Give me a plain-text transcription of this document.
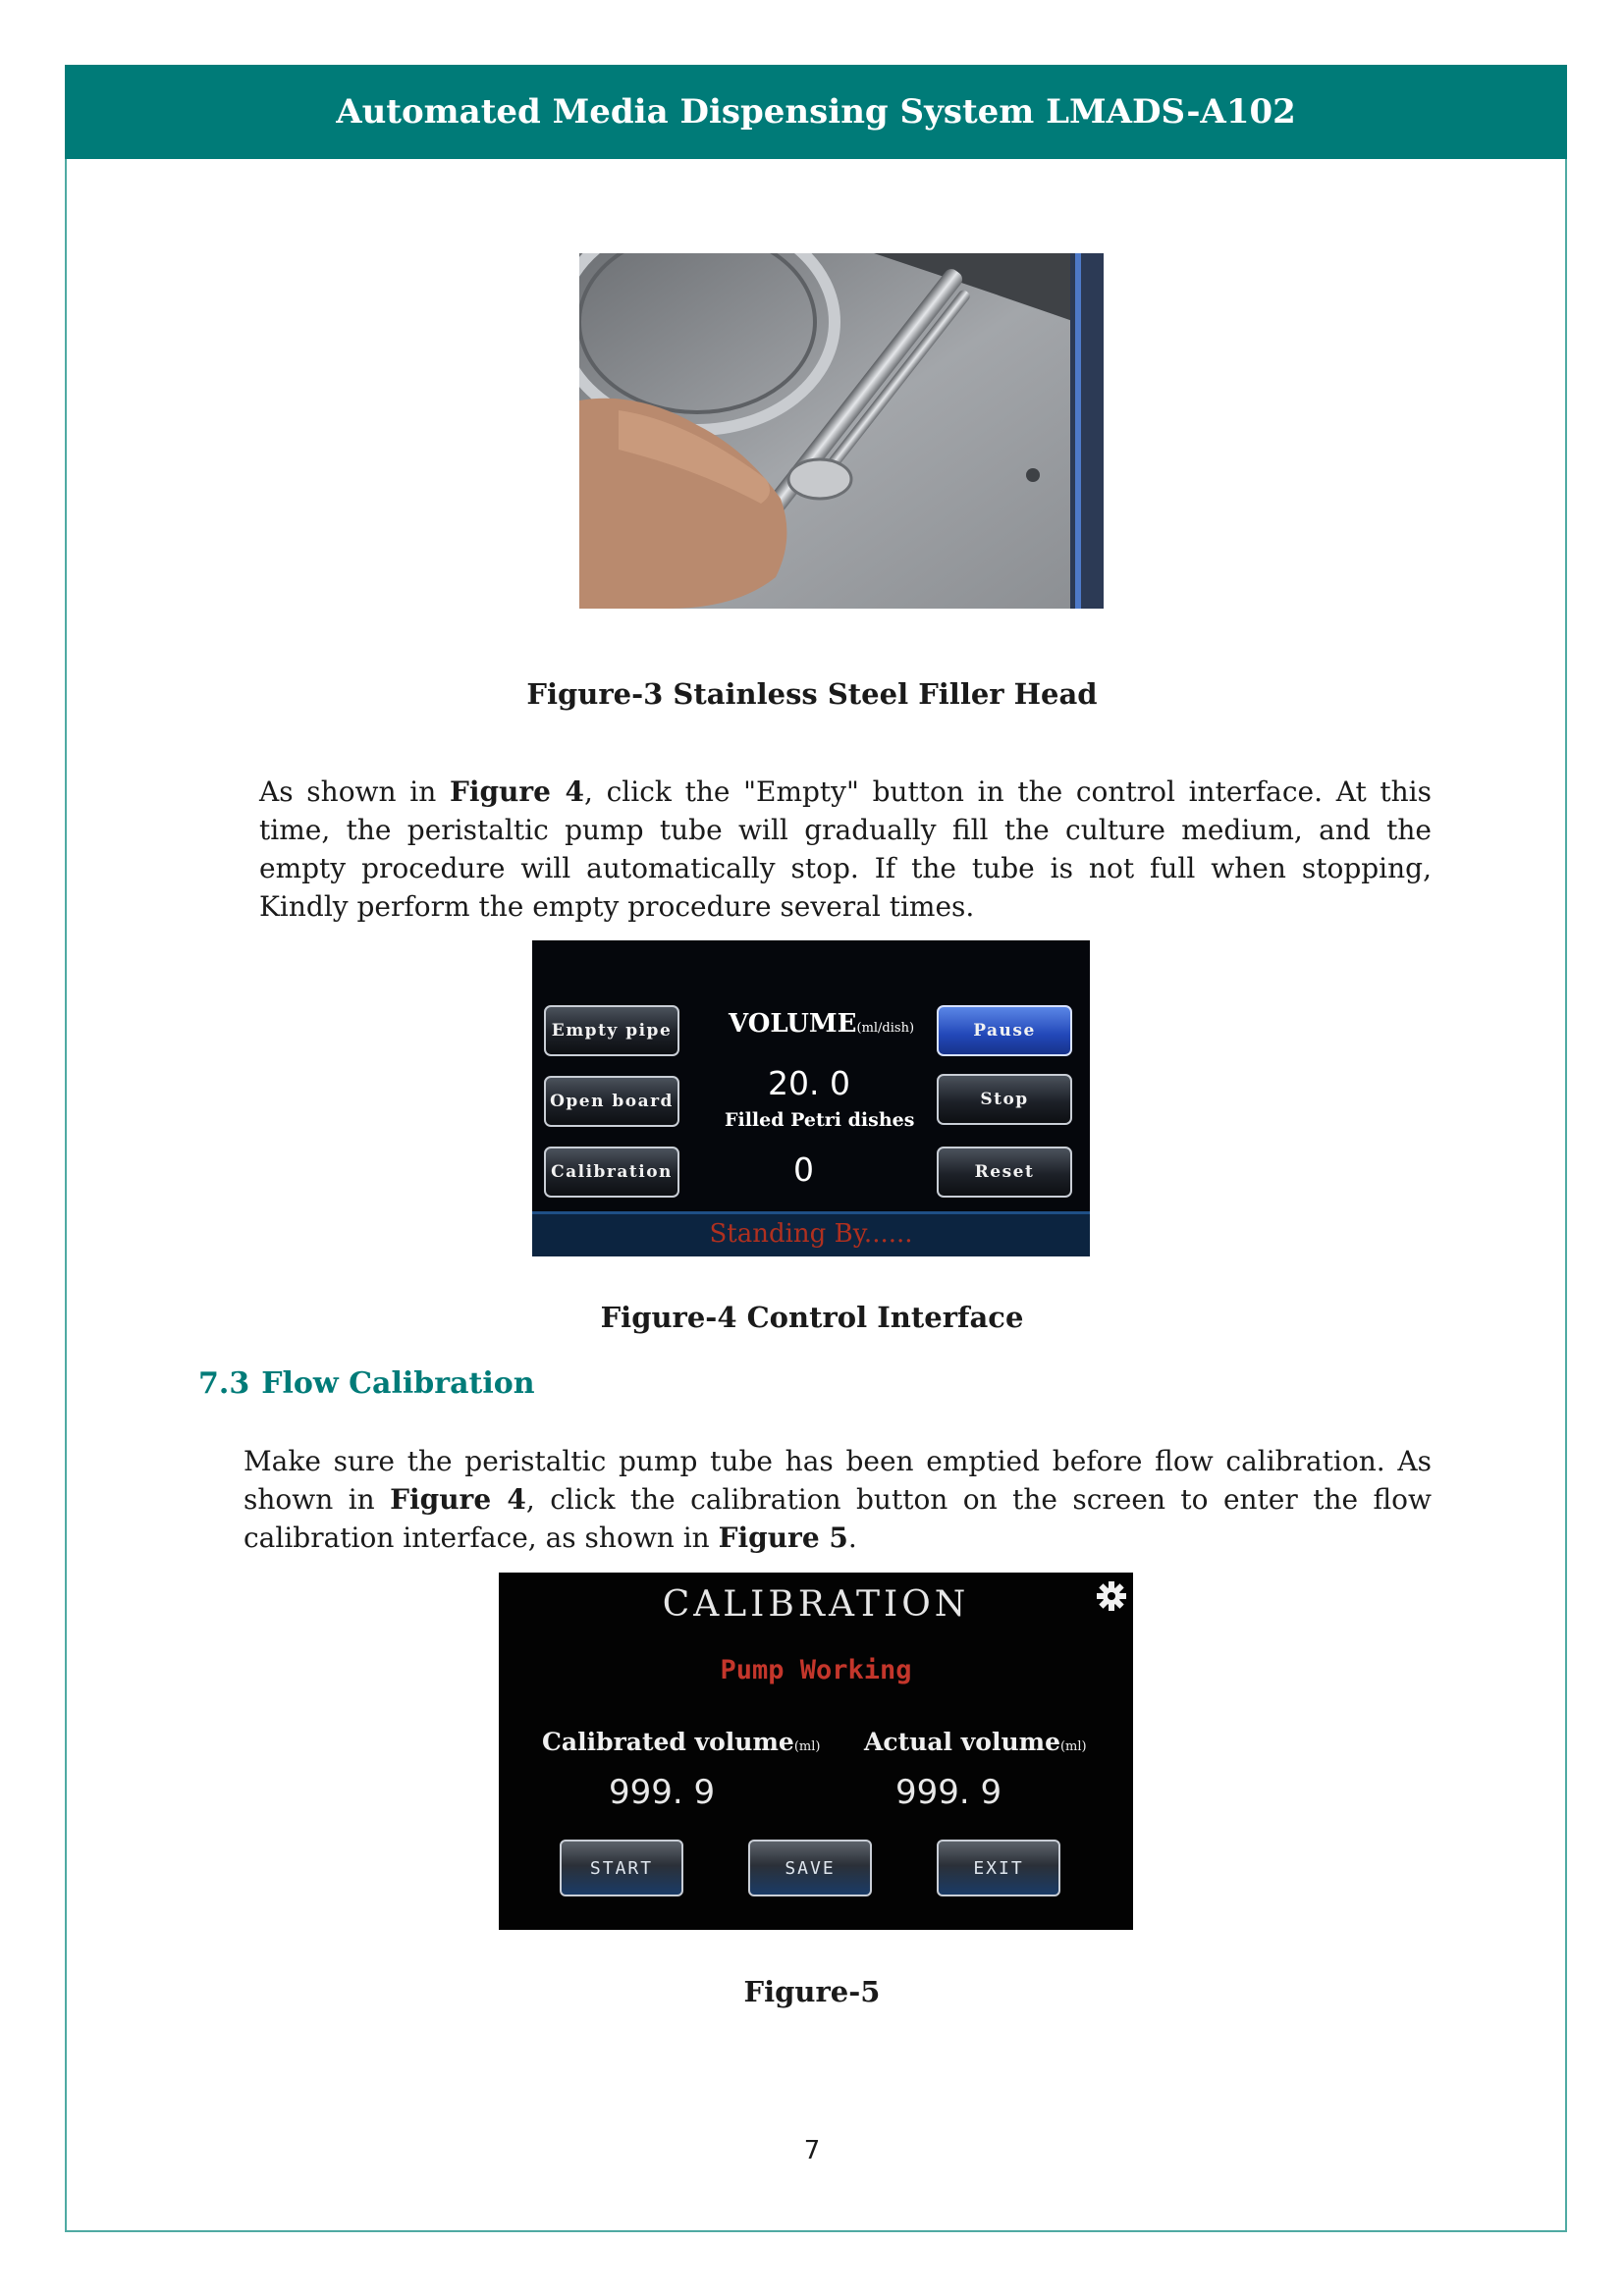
Automated Media Dispensing System LMADS-A102
Figure-3 Stainless Steel Filler Head
As shown in Figure 4, click the "Empty" button in the control interface. At this time, the peristaltic pump tube will gradually fill the culture medium, and the empty procedure will automatically stop. If the tube is not full when stopping, Kindly perform the empty procedure several times.
Empty pipe
Open board
Calibration
Pause
Stop
Reset
VOLUME(ml/dish)
20. 0
Filled Petri dishes
0
Standing By......
Figure-4 Control Interface
7.3 Flow Calibration
Make sure the peristaltic pump tube has been emptied before flow calibration. As shown in Figure 4, click the calibration button on the screen to enter the flow calibration interface, as shown in Figure 5.
CALIBRATION
Pump Working
Calibrated volume(ml) Actual volume(ml)
999. 9	999. 9
START	SAVE	EXIT
Figure-5
7
